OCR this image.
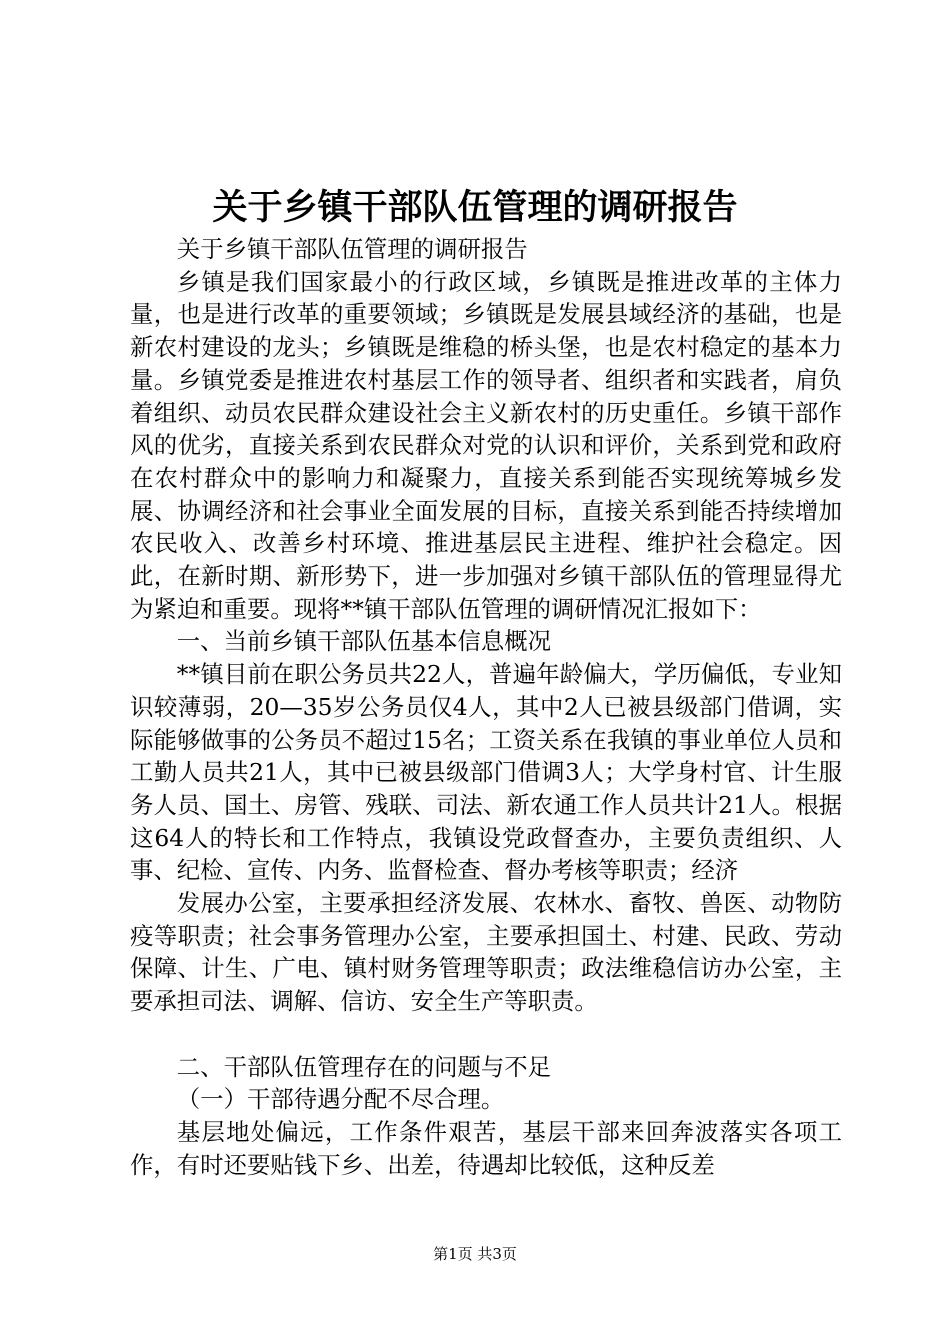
关于乡镇干部队伍管理的调研报告

关于乡镇干部队伍管理的调研报告

乡镇是我们国家最小的行政区域，乡镇既是推进改革的主体力量，也是进行改革的重要领域；乡镇既是发展县域经济的基础，也是新农村建设的龙头；乡镇既是维稳的桥头堡，也是农村稳定的基本力量。乡镇党委是推进农村基层工作的领导者、组织者和实践者，肩负着组织、动员农民群众建设社会主义新农村的历史重任。乡镇干部作风的优劣，直接关系到农民群众对党的认识和评价，关系到党和政府在农村群众中的影响力和凝聚力，直接关系到能否实现统筹城乡发展、协调经济和社会事业全面发展的目标，直接关系到能否持续增加农民收入、改善乡村环境、推进基层民主进程、维护社会稳定。因此，在新时期、新形势下，进一步加强对乡镇干部队伍的管理显得尤为紧迫和重要。现将**镇干部队伍管理的调研情况汇报如下：

一、当前乡镇干部队伍基本信息概况

**镇目前在职公务员共22人，普遍年龄偏大，学历偏低，专业知识较薄弱，20—35岁公务员仅4人，其中2人已被县级部门借调，实际能够做事的公务员不超过15名；工资关系在我镇的事业单位人员和工勤人员共21人，其中已被县级部门借调3人；大学身村官、计生服务人员、国土、房管、残联、司法、新农通工作人员共计21人。根据这64人的特长和工作特点，我镇设党政督查办，主要负责组织、人事、纪检、宣传、内务、监督检查、督办考核等职责；经济

发展办公室，主要承担经济发展、农林水、畜牧、兽医、动物防疫等职责；社会事务管理办公室，主要承担国土、村建、民政、劳动保障、计生、广电、镇村财务管理等职责；政法维稳信访办公室，主要承担司法、调解、信访、安全生产等职责。

二、干部队伍管理存在的问题与不足

（一）干部待遇分配不尽合理。

基层地处偏远，工作条件艰苦，基层干部来回奔波落实各项工作，有时还要贴钱下乡、出差，待遇却比较低，这种反差

第1页 共3页
